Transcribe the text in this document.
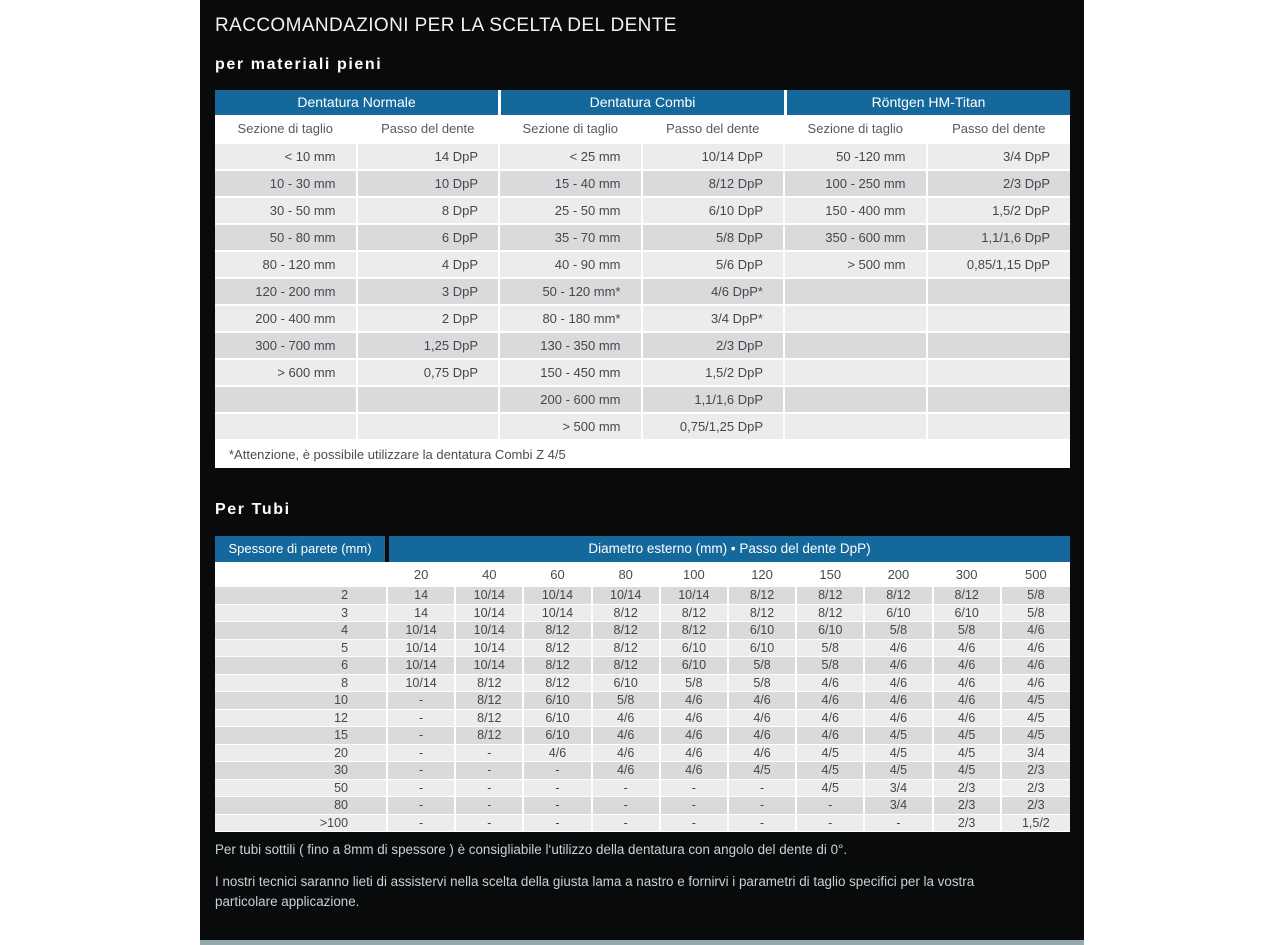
RACCOMANDAZIONI PER LA SCELTA DEL DENTE
per materiali pieni
Dentatura Normale	Dentatura Combi	Röntgen HM-Titan
Sezione di taglio	Passo del dente	Sezione di taglio	Passo del dente	Sezione di taglio	Passo del dente
< 10 mm	14 DpP	< 25 mm	10/14 DpP	50 -120 mm	3/4 DpP
10 - 30 mm	10 DpP	15 - 40 mm	8/12 DpP	100 - 250 mm	2/3 DpP
30 - 50 mm	8 DpP	25 - 50 mm	6/10 DpP	150 - 400 mm	1,5/2 DpP
50 - 80 mm	6 DpP	35 - 70 mm	5/8 DpP	350 - 600 mm	1,1/1,6 DpP
80 - 120 mm	4 DpP	40 - 90 mm	5/6 DpP	> 500 mm	0,85/1,15 DpP
120 - 200 mm	3 DpP	50 - 120 mm*	4/6 DpP*		
200 - 400 mm	2 DpP	80 - 180 mm*	3/4 DpP*		
300 - 700 mm	1,25 DpP	130 - 350 mm	2/3 DpP		
> 600 mm	0,75 DpP	150 - 450 mm	1,5/2 DpP		
		200 - 600 mm	1,1/1,6 DpP		
		> 500 mm	0,75/1,25 DpP		
*Attenzione, è possibile utilizzare la dentatura Combi Z 4/5
Per Tubi
Spessore di parete (mm)	Diametro esterno (mm) • Passo del dente DpP)
	20	40	60	80	100	120	150	200	300	500
2	14	10/14	10/14	10/14	10/14	8/12	8/12	8/12	8/12	5/8
3	14	10/14	10/14	8/12	8/12	8/12	8/12	6/10	6/10	5/8
4	10/14	10/14	8/12	8/12	8/12	6/10	6/10	5/8	5/8	4/6
5	10/14	10/14	8/12	8/12	6/10	6/10	5/8	4/6	4/6	4/6
6	10/14	10/14	8/12	8/12	6/10	5/8	5/8	4/6	4/6	4/6
8	10/14	8/12	8/12	6/10	5/8	5/8	4/6	4/6	4/6	4/6
10	-	8/12	6/10	5/8	4/6	4/6	4/6	4/6	4/6	4/5
12	-	8/12	6/10	4/6	4/6	4/6	4/6	4/6	4/6	4/5
15	-	8/12	6/10	4/6	4/6	4/6	4/6	4/5	4/5	4/5
20	-	-	4/6	4/6	4/6	4/6	4/5	4/5	4/5	3/4
30	-	-	-	4/6	4/6	4/5	4/5	4/5	4/5	2/3
50	-	-	-	-	-	-	4/5	3/4	2/3	2/3
80	-	-	-	-	-	-	-	3/4	2/3	2/3
>100	-	-	-	-	-	-	-	-	2/3	1,5/2

Per tubi sottili ( fino a 8mm di spessore ) è consigliabile l‘utilizzo della dentatura con angolo del dente di 0°.

I nostri tecnici saranno lieti di assistervi nella scelta della giusta lama a nastro e fornirvi i parametri di taglio specifici per la vostra particolare applicazione.
